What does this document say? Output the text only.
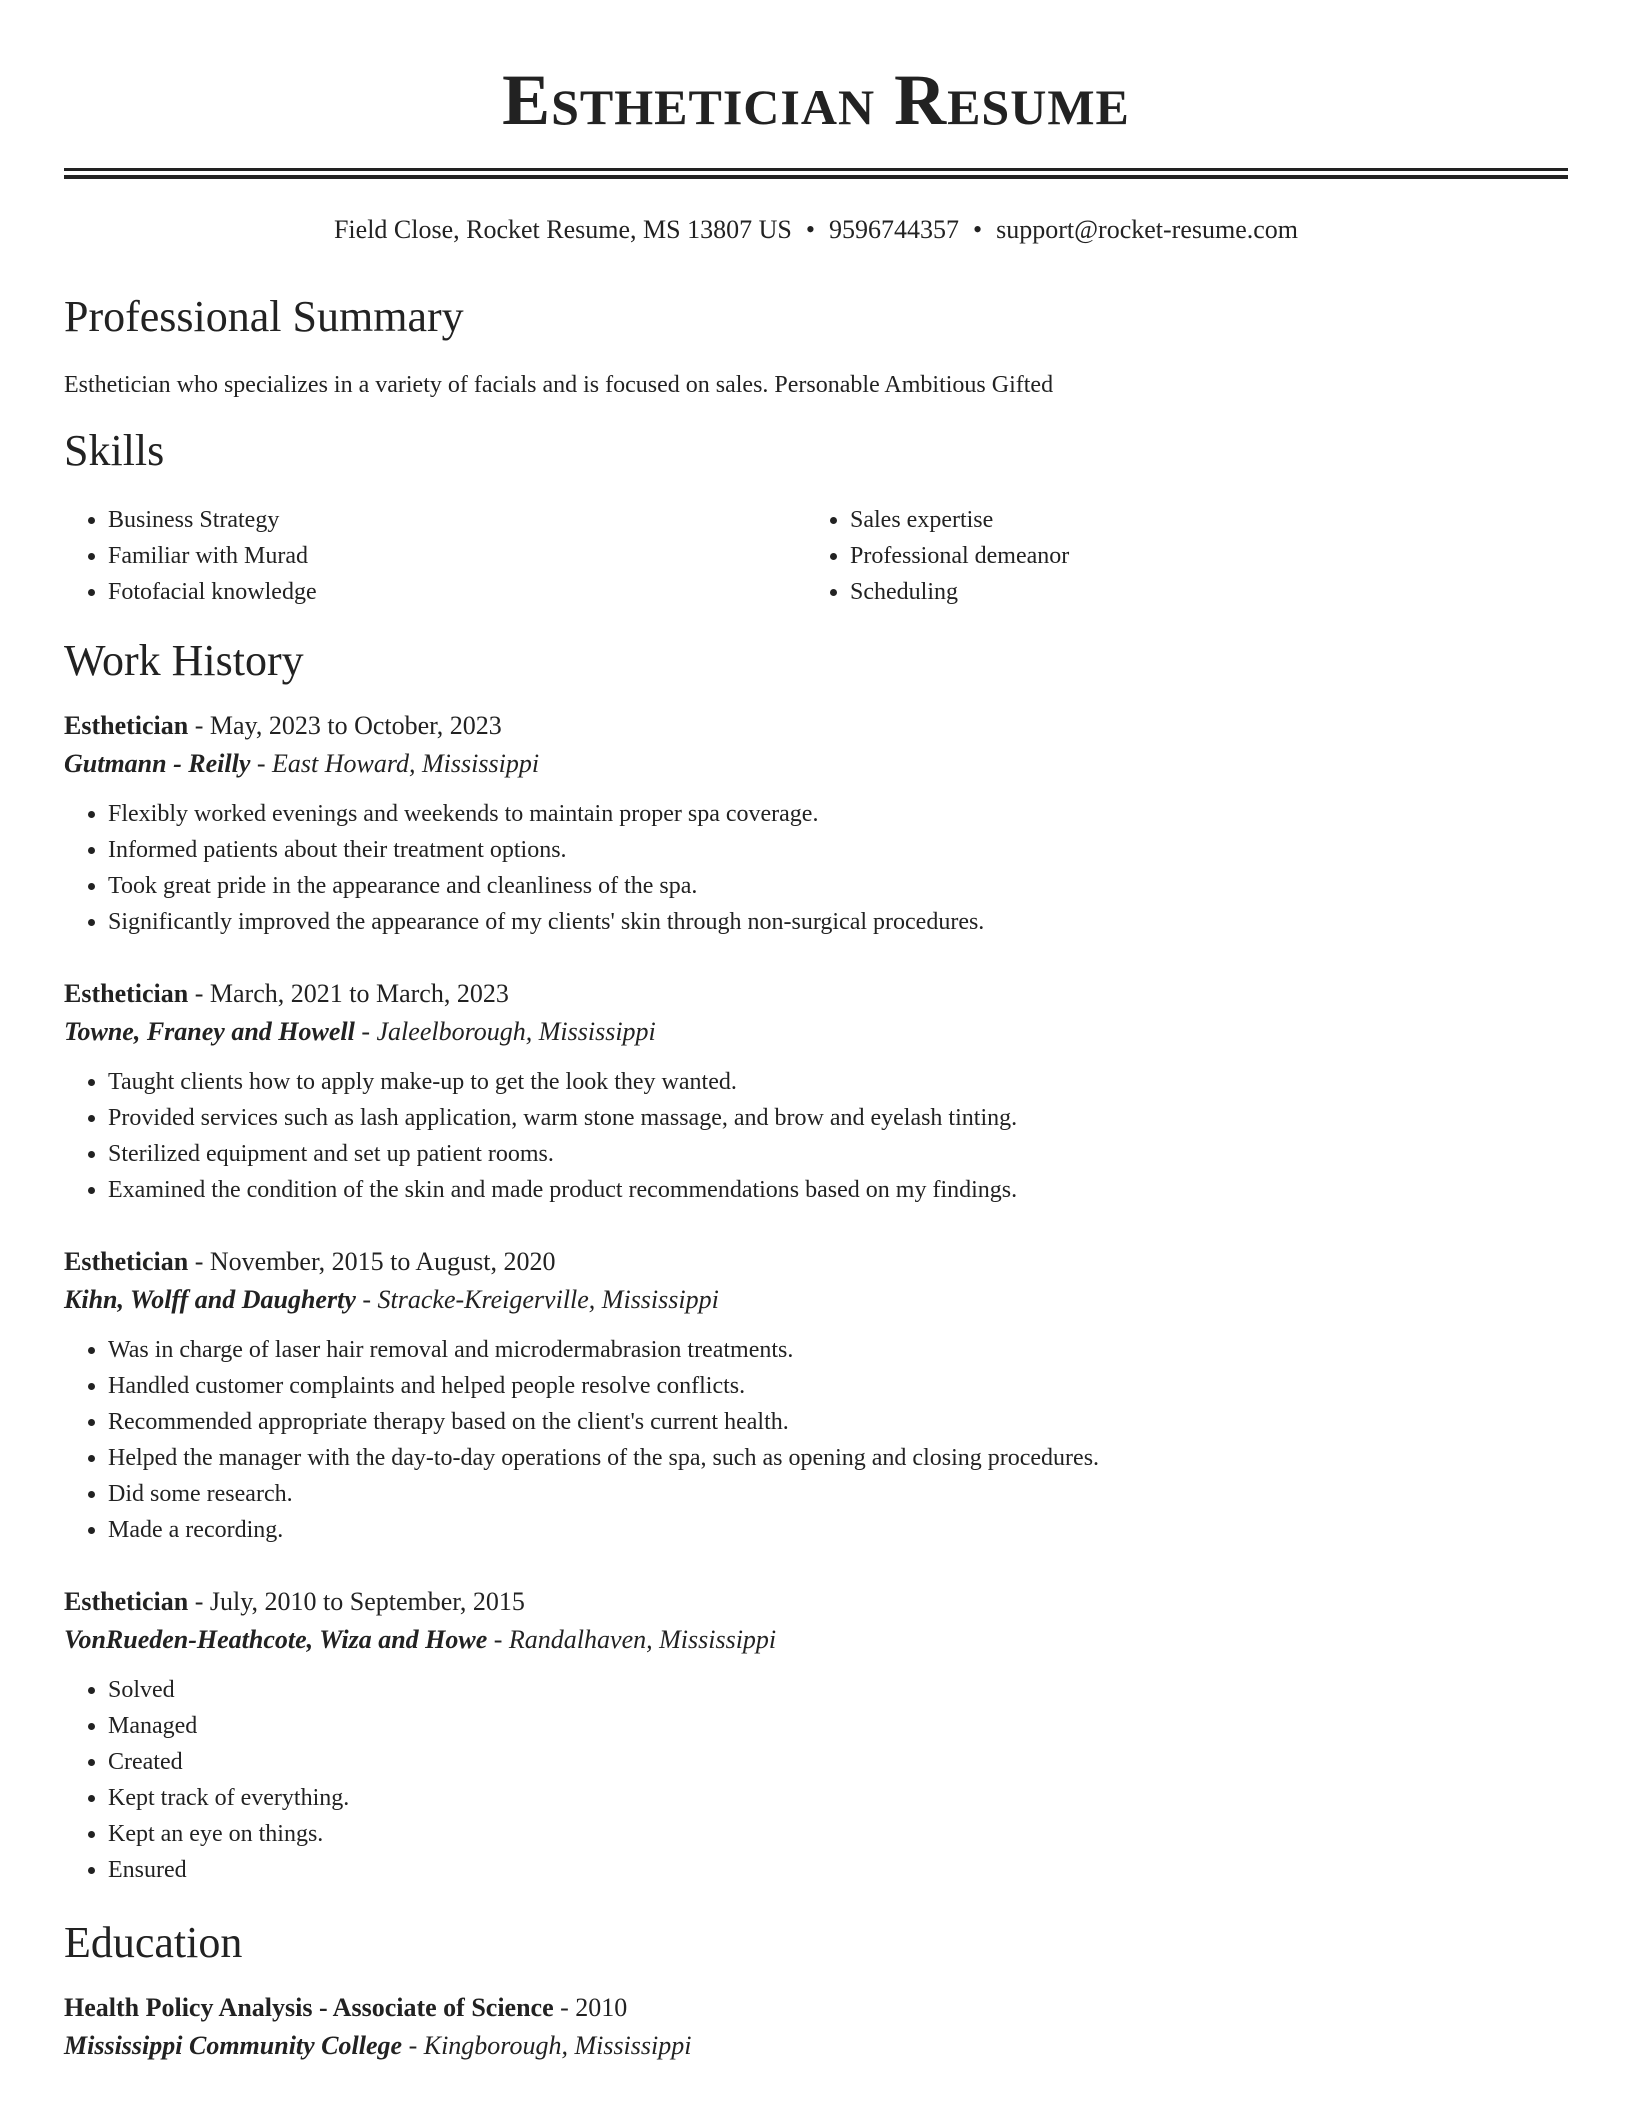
Esthetician Resume
Field Close, Rocket Resume, MS 13807 US • 9596744357 • support@rocket-resume.com
Professional Summary
Esthetician who specializes in a variety of facials and is focused on sales. Personable Ambitious Gifted
Skills
• Business Strategy
• Familiar with Murad
• Fotofacial knowledge
• Sales expertise
• Professional demeanor
• Scheduling
Work History
Esthetician - May, 2023 to October, 2023
Gutmann - Reilly - East Howard, Mississippi
• Flexibly worked evenings and weekends to maintain proper spa coverage.
• Informed patients about their treatment options.
• Took great pride in the appearance and cleanliness of the spa.
• Significantly improved the appearance of my clients' skin through non-surgical procedures.
Esthetician - March, 2021 to March, 2023
Towne, Franey and Howell - Jaleelborough, Mississippi
• Taught clients how to apply make-up to get the look they wanted.
• Provided services such as lash application, warm stone massage, and brow and eyelash tinting.
• Sterilized equipment and set up patient rooms.
• Examined the condition of the skin and made product recommendations based on my findings.
Esthetician - November, 2015 to August, 2020
Kihn, Wolff and Daugherty - Stracke-Kreigerville, Mississippi
• Was in charge of laser hair removal and microdermabrasion treatments.
• Handled customer complaints and helped people resolve conflicts.
• Recommended appropriate therapy based on the client's current health.
• Helped the manager with the day-to-day operations of the spa, such as opening and closing procedures.
• Did some research.
• Made a recording.
Esthetician - July, 2010 to September, 2015
VonRueden-Heathcote, Wiza and Howe - Randalhaven, Mississippi
• Solved
• Managed
• Created
• Kept track of everything.
• Kept an eye on things.
• Ensured
Education
Health Policy Analysis - Associate of Science - 2010
Mississippi Community College - Kingborough, Mississippi
